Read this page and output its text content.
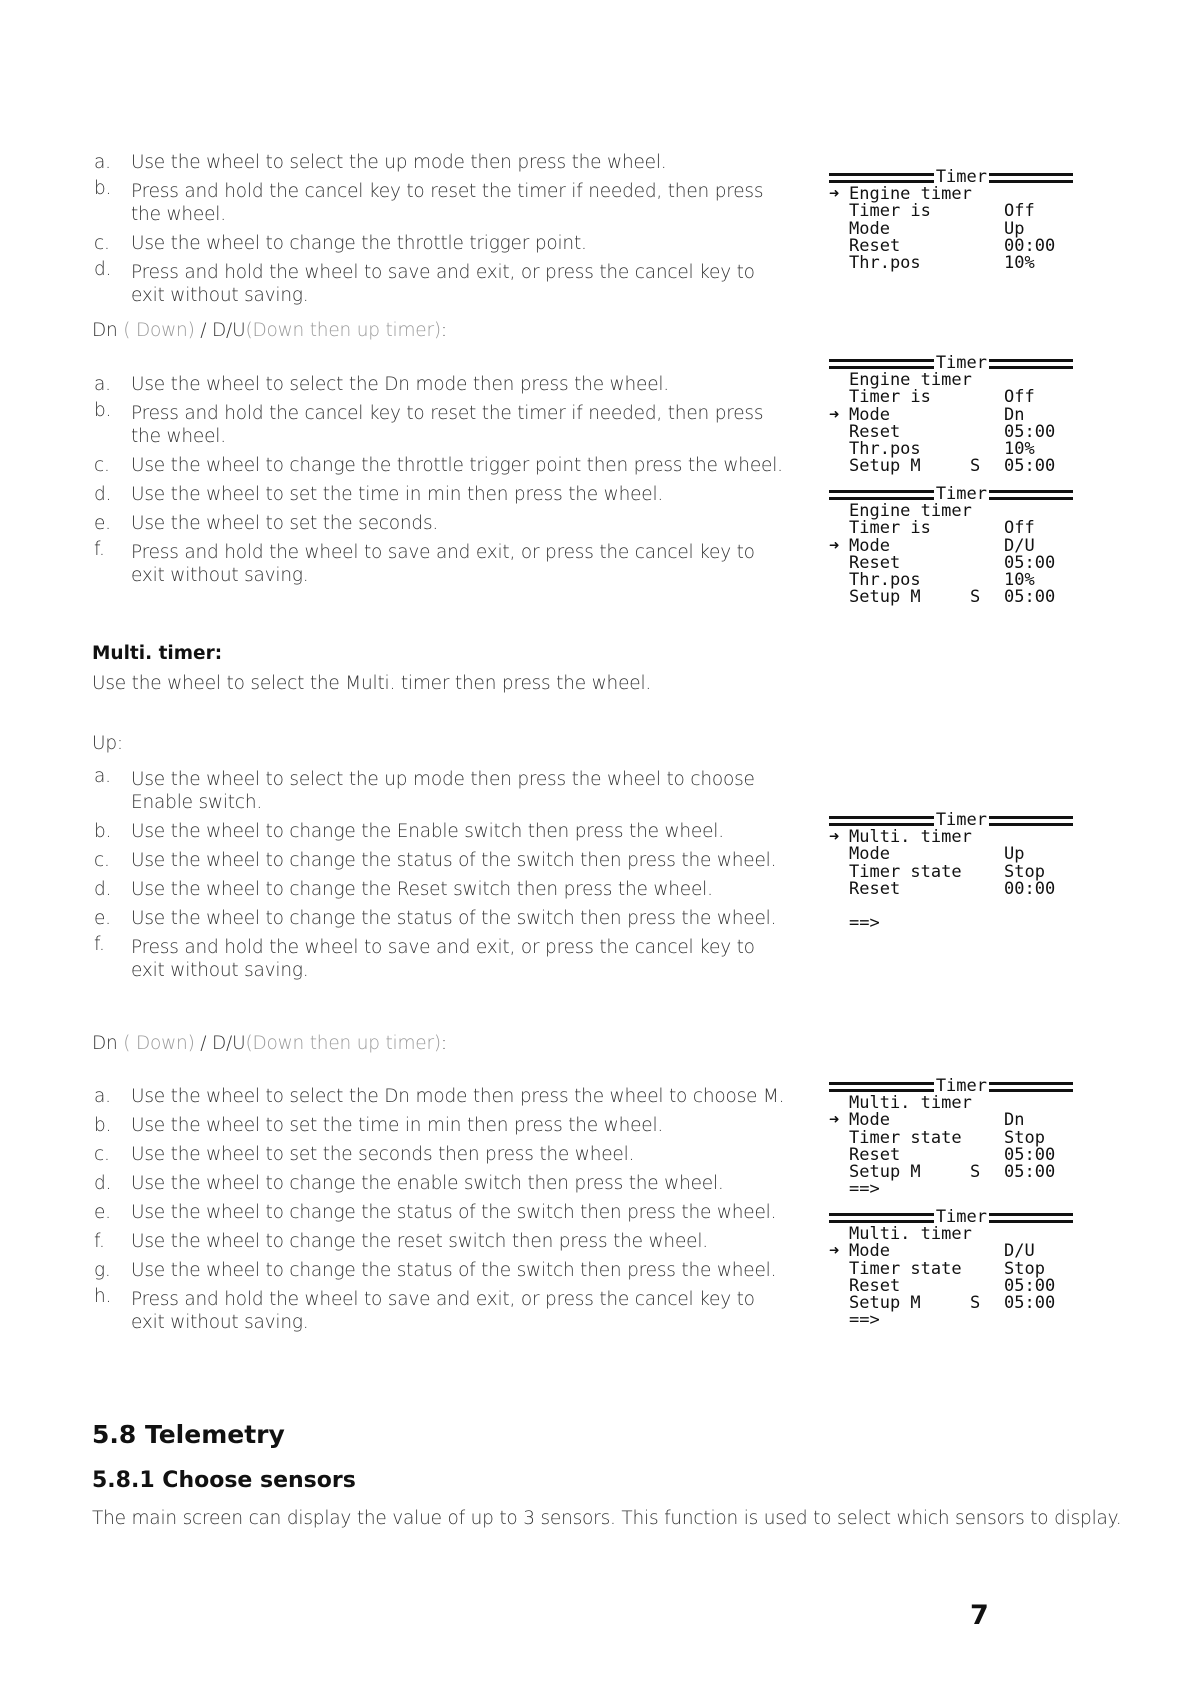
a. Use the wheel to select the up mode then press the wheel.
b. Press and hold the cancel key to reset the timer if needed, then press the wheel.
c. Use the wheel to change the throttle trigger point.
d. Press and hold the wheel to save and exit, or press the cancel key to exit without saving.
Dn ( Down) / D/U(Down then up timer):
a. Use the wheel to select the Dn mode then press the wheel.
b. Press and hold the cancel key to reset the timer if needed, then press the wheel.
c. Use the wheel to change the throttle trigger point then press the wheel.
d. Use the wheel to set the time in min then press the wheel.
e. Use the wheel to set the seconds.
f. Press and hold the wheel to save and exit, or press the cancel key to exit without saving.
Multi. timer:
Use the wheel to select the Multi. timer then press the wheel.
Up:
a. Use the wheel to select the up mode then press the wheel to choose Enable switch.
b. Use the wheel to change the Enable switch then press the wheel.
c. Use the wheel to change the status of the switch then press the wheel.
d. Use the wheel to change the Reset switch then press the wheel.
e. Use the wheel to change the status of the switch then press the wheel.
f. Press and hold the wheel to save and exit, or press the cancel key to exit without saving.
Dn ( Down) / D/U(Down then up timer):
a. Use the wheel to select the Dn mode then press the wheel to choose M.
b. Use the wheel to set the time in min then press the wheel.
c. Use the wheel to set the seconds then press the wheel.
d. Use the wheel to change the enable switch then press the wheel.
e. Use the wheel to change the status of the switch then press the wheel.
f. Use the wheel to change the reset switch then press the wheel.
g. Use the wheel to change the status of the switch then press the wheel.
h. Press and hold the wheel to save and exit, or press the cancel key to exit without saving.
5.8 Telemetry
5.8.1 Choose sensors
The main screen can display the value of up to 3 sensors. This function is used to select which sensors to display.
7
Timer
➜ Engine timer
Timer is	Off
Mode	Up
Reset	00:00
Thr.pos	10%
Timer
Engine timer
Timer is	Off
➜ Mode	Dn
Reset	05:00
Thr.pos	10%
Setup M	S 05:00
Timer
Engine timer
Timer is	Off
➜ Mode	D/U
Reset	05:00
Thr.pos	10%
Setup M	S 05:00
Timer
➜ Multi. timer
Mode	Up
Timer state Stop
Reset	00:00
==>
Timer
Multi. timer
➜ Mode	Dn
Timer state Stop
Reset	05:00
Setup M	S 05:00
==>
Timer
Multi. timer
➜ Mode	D/U
Timer state Stop
Reset	05:00
Setup M	S 05:00
==>
